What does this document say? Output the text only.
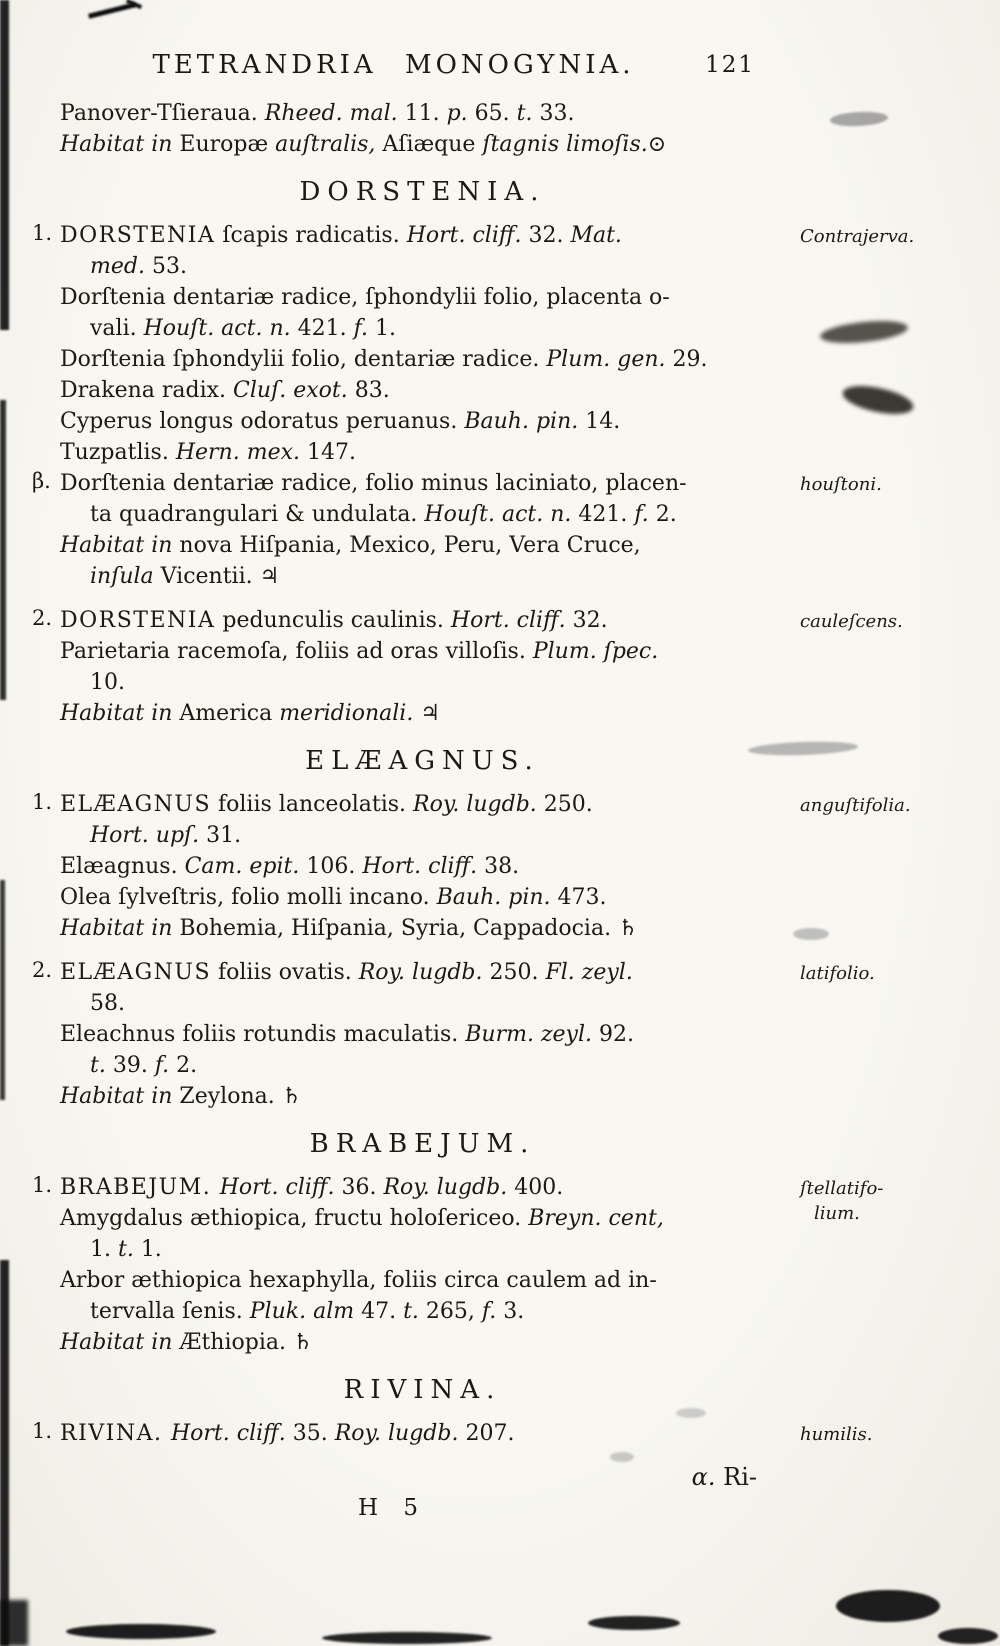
TETRANDRIA MONOGYNIA.	121

Panover-Tſieraua. Rheed. mal. 11. p. 65. t. 33.

Habitat in Europæ auſtralis, Aſiæque ſtagnis limoſis.⊙

DORSTENIA.
1. DORSTENIA ſcapis radicatis. Hort. cliff. 32. Mat.

med. 53.

Dorſtenia dentariæ radice, ſphondylii folio, placenta o-

vali. Houſt. act. n. 421. f. 1.

Dorſtenia ſphondylii folio, dentariæ radice. Plum. gen. 29.

Drakena radix. Cluſ. exot. 83.

Cyperus longus odoratus peruanus. Bauh. pin. 14.

Tuzpatlis. Hern. mex. 147.

Contrajerva.
β. Dorſtenia dentariæ radice, folio minus laciniato, placen-

ta quadrangulari & undulata. Houſt. act. n. 421. f. 2.

Habitat in nova Hiſpania, Mexico, Peru, Vera Cruce,

inſula Vicentii. ♃

houſtoni.
2. DORSTENIA pedunculis caulinis. Hort. cliff. 32.

Parietaria racemoſa, foliis ad oras villoſis. Plum. ſpec.

10.

Habitat in America meridionali. ♃

cauleſcens.
ELÆAGNUS.
1. ELÆAGNUS foliis lanceolatis. Roy. lugdb. 250.

Hort. upſ. 31.

Elæagnus. Cam. epit. 106. Hort. cliff. 38.

Olea ſylveſtris, folio molli incano. Bauh. pin. 473.

Habitat in Bohemia, Hiſpania, Syria, Cappadocia. ♄

anguſtifolia.
2. ELÆAGNUS foliis ovatis. Roy. lugdb. 250. Fl. zeyl.

58.

Eleachnus foliis rotundis maculatis. Burm. zeyl. 92.

t. 39. f. 2.

Habitat in Zeylona. ♄

latifolio.
BRABEJUM.
1. BRABEJUM. Hort. cliff. 36. Roy. lugdb. 400.

Amygdalus æthiopica, fructu holoſericeo. Breyn. cent,

1. t. 1.

Arbor æthiopica hexaphylla, foliis circa caulem ad in-

tervalla ſenis. Pluk. alm 47. t. 265, f. 3.

Habitat in Æthiopia. ♄

ſtellatifo-
lium.
RIVINA.
1. RIVINA. Hort. cliff. 35. Roy. lugdb. 207.	humilis.

α. Ri-

H 5
